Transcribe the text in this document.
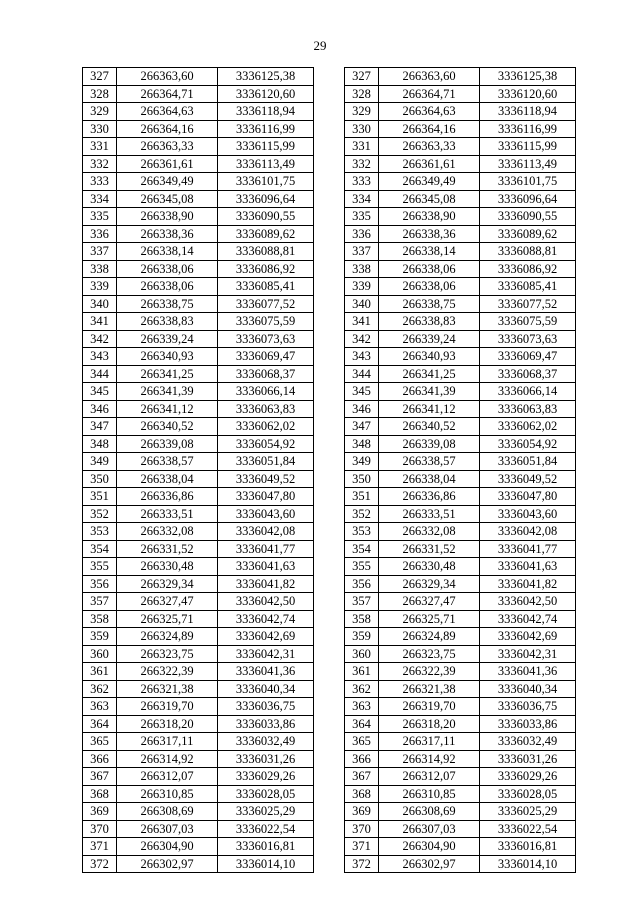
29
327	266363,60	3336125,38
328	266364,71	3336120,60
329	266364,63	3336118,94
330	266364,16	3336116,99
331	266363,33	3336115,99
332	266361,61	3336113,49
333	266349,49	3336101,75
334	266345,08	3336096,64
335	266338,90	3336090,55
336	266338,36	3336089,62
337	266338,14	3336088,81
338	266338,06	3336086,92
339	266338,06	3336085,41
340	266338,75	3336077,52
341	266338,83	3336075,59
342	266339,24	3336073,63
343	266340,93	3336069,47
344	266341,25	3336068,37
345	266341,39	3336066,14
346	266341,12	3336063,83
347	266340,52	3336062,02
348	266339,08	3336054,92
349	266338,57	3336051,84
350	266338,04	3336049,52
351	266336,86	3336047,80
352	266333,51	3336043,60
353	266332,08	3336042,08
354	266331,52	3336041,77
355	266330,48	3336041,63
356	266329,34	3336041,82
357	266327,47	3336042,50
358	266325,71	3336042,74
359	266324,89	3336042,69
360	266323,75	3336042,31
361	266322,39	3336041,36
362	266321,38	3336040,34
363	266319,70	3336036,75
364	266318,20	3336033,86
365	266317,11	3336032,49
366	266314,92	3336031,26
367	266312,07	3336029,26
368	266310,85	3336028,05
369	266308,69	3336025,29
370	266307,03	3336022,54
371	266304,90	3336016,81
372	266302,97	3336014,10
327	266363,60	3336125,38
328	266364,71	3336120,60
329	266364,63	3336118,94
330	266364,16	3336116,99
331	266363,33	3336115,99
332	266361,61	3336113,49
333	266349,49	3336101,75
334	266345,08	3336096,64
335	266338,90	3336090,55
336	266338,36	3336089,62
337	266338,14	3336088,81
338	266338,06	3336086,92
339	266338,06	3336085,41
340	266338,75	3336077,52
341	266338,83	3336075,59
342	266339,24	3336073,63
343	266340,93	3336069,47
344	266341,25	3336068,37
345	266341,39	3336066,14
346	266341,12	3336063,83
347	266340,52	3336062,02
348	266339,08	3336054,92
349	266338,57	3336051,84
350	266338,04	3336049,52
351	266336,86	3336047,80
352	266333,51	3336043,60
353	266332,08	3336042,08
354	266331,52	3336041,77
355	266330,48	3336041,63
356	266329,34	3336041,82
357	266327,47	3336042,50
358	266325,71	3336042,74
359	266324,89	3336042,69
360	266323,75	3336042,31
361	266322,39	3336041,36
362	266321,38	3336040,34
363	266319,70	3336036,75
364	266318,20	3336033,86
365	266317,11	3336032,49
366	266314,92	3336031,26
367	266312,07	3336029,26
368	266310,85	3336028,05
369	266308,69	3336025,29
370	266307,03	3336022,54
371	266304,90	3336016,81
372	266302,97	3336014,10
